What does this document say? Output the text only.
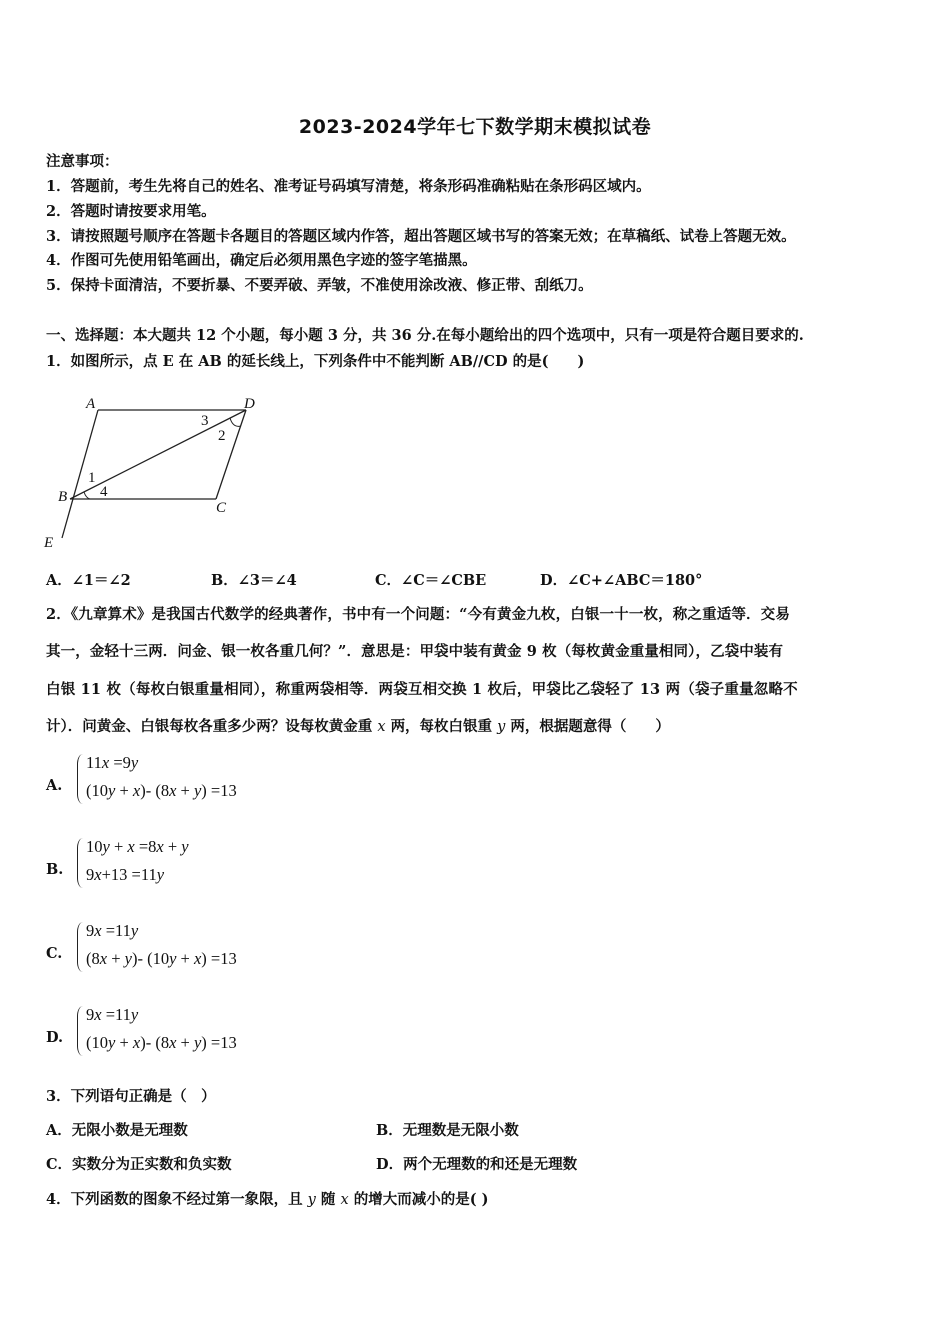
2023-2024学年七下数学期末模拟试卷
注意事项：
1．答题前，考生先将自己的姓名、准考证号码填写清楚，将条形码准确粘贴在条形码区域内。
2．答题时请按要求用笔。
3．请按照题号顺序在答题卡各题目的答题区域内作答，超出答题区域书写的答案无效；在草稿纸、试卷上答题无效。
4．作图可先使用铅笔画出，确定后必须用黑色字迹的签字笔描黑。
5．保持卡面清洁，不要折暴、不要弄破、弄皱，不准使用涂改液、修正带、刮纸刀。
一、选择题：本大题共 12 个小题，每小题 3 分，共 36 分.在每小题给出的四个选项中，只有一项是符合题目要求的.
1．如图所示，点 E 在 AB 的延长线上，下列条件中不能判断 AB//CD 的是(　　)
A	D
B
C
E
3
2
1
4
A．∠1＝∠2	B．∠3＝∠4	C．∠C＝∠CBE	D．∠C+∠ABC＝180°
2．《九章算术》是我国古代数学的经典著作，书中有一个问题：“今有黄金九枚，白银一十一枚，称之重适等．交易
其一，金轻十三两．问金、银一枚各重几何？”．意思是：甲袋中装有黄金 9 枚（每枚黄金重量相同），乙袋中装有
白银 11 枚（每枚白银重量相同），称重两袋相等．两袋互相交换 1 枚后，甲袋比乙袋轻了 13 两（袋子重量忽略不
计）．问黄金、白银每枚各重多少两？设每枚黄金重 x 两，每枚白银重 y 两，根据题意得（　　）
A.
11x =9y
(10y + x)- (8x + y) =13
B.
10y + x =8x + y
9x+13 =11y
C.
9x =11y
(8x + y)- (10y + x) =13
D.
9x =11y
(10y + x)- (8x + y) =13
3．下列语句正确是（　）
A．无限小数是无理数	B．无理数是无限小数
C．实数分为正实数和负实数	D．两个无理数的和还是无理数
4．下列函数的图象不经过第一象限，且 y 随 x 的增大而减小的是( )
